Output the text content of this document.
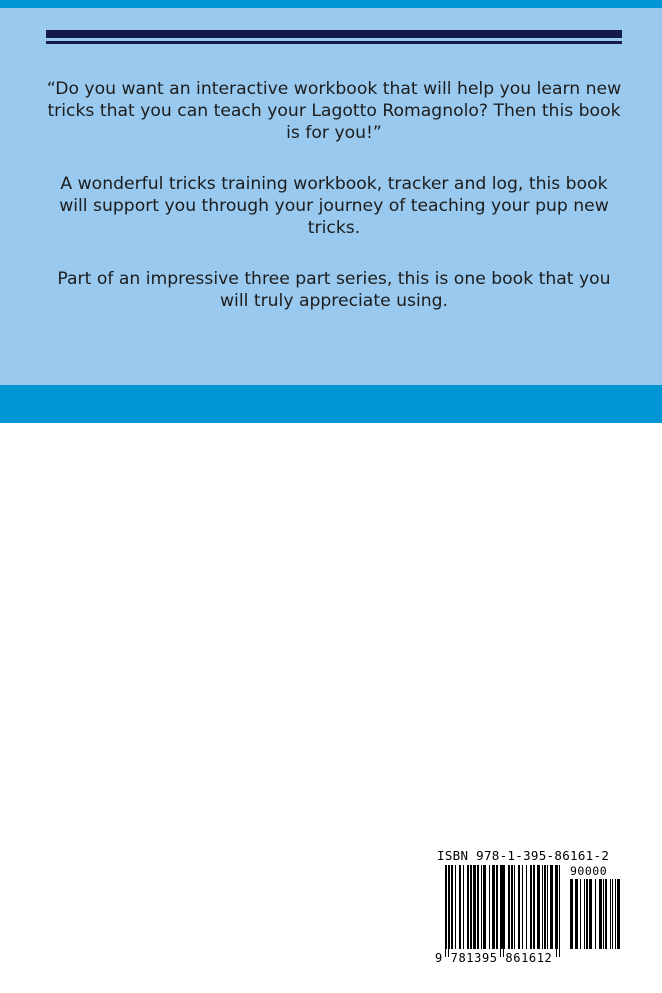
“Do you want an interactive workbook that will help you learn new tricks that you can teach your Lagotto Romagnolo? Then this book is for you!”

A wonderful tricks training workbook, tracker and log, this book will support you through your journey of teaching your pup new tricks.

Part of an impressive three part series, this is one book that you will truly appreciate using.

ISBN 978-1-395-86161-2
90000
9 781395 861612
